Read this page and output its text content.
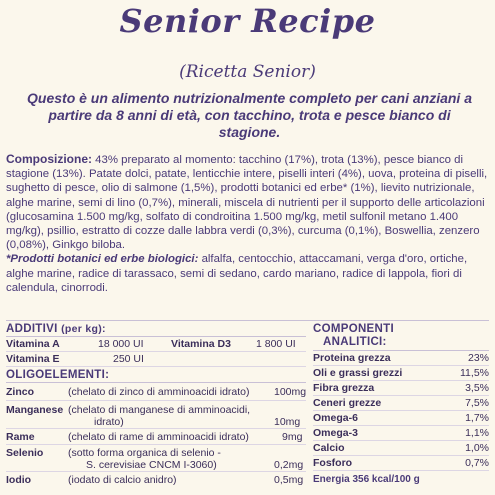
Senior Recipe
(Ricetta Senior)
Questo è un alimento nutrizionalmente completo per cani anziani a partire da 8 anni di età, con tacchino, trota e pesce bianco di stagione.
Composizione: 43% preparato al momento: tacchino (17%), trota (13%), pesce bianco di stagione (13%). Patate dolci, patate, lenticchie intere, piselli interi (4%), uova, proteina di piselli, sughetto di pesce, olio di salmone (1,5%), prodotti botanici ed erbe* (1%), lievito nutrizionale, alghe marine, semi di lino (0,7%), minerali, miscela di nutrienti per il supporto delle articolazioni (glucosamina 1.500 mg/kg, solfato di condroitina 1.500 mg/kg, metil sulfonil metano 1.400 mg/kg), psillio, estratto di cozze dalle labbra verdi (0,3%), curcuma (0,1%), Boswellia, zenzero (0,08%), Ginkgo biloba.
*Prodotti botanici ed erbe biologici: alfalfa, centocchio, attaccamani, verga d'oro, ortiche, alghe marine, radice di tarassaco, semi di sedano, cardo mariano, radice di lappola, fiori di calendula, cinorrodi.
ADDITIVI (per kg):
Vitamina A	18 000 UI	Vitamina D3 1 800 UI
Vitamina E	250 UI
OLIGOELEMENTI:
Zinco	(chelato di zinco di amminoacidi idrato) 100mg
Manganese (chelato di manganese di amminoacidi,
idrato)	10mg
Rame	(chelato di rame di amminoacidi idrato)	9mg
Selenio (sotto forma organica di selenio -
S. cerevisiae CNCM I-3060)	0,2mg
Iodio	(iodato di calcio anidro)	0,5mg
COMPONENTI
ANALITICI:
Proteina grezza	23%
Oli e grassi grezzi	11,5%
Fibra grezza	3,5%
Ceneri grezze	7,5%
Omega-6	1,7%
Omega-3	1,1%
Calcio	1,0%
Fosforo	0,7%
Energia 356 kcal/100 g
